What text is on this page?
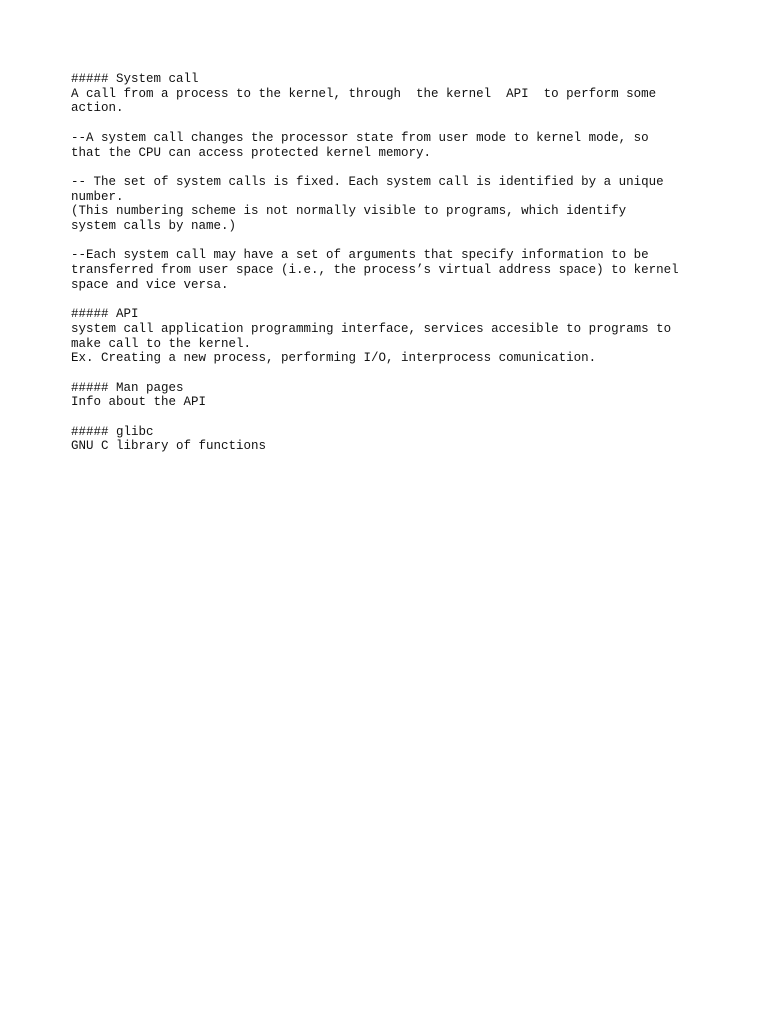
##### System call
A call from a process to the kernel, through  the kernel  API  to perform some
action.
--A system call changes the processor state from user mode to kernel mode, so
that the CPU can access protected kernel memory.
-- The set of system calls is fixed. Each system call is identified by a unique
number.
(This numbering scheme is not normally visible to programs, which identify
system calls by name.)
--Each system call may have a set of arguments that specify information to be
transferred from user space (i.e., the process’s virtual address space) to kernel
space and vice versa.
##### API
system call application programming interface, services accesible to programs to
make call to the kernel.
Ex. Creating a new process, performing I/O, interprocess comunication.
##### Man pages
Info about the API
##### glibc
GNU C library of functions
